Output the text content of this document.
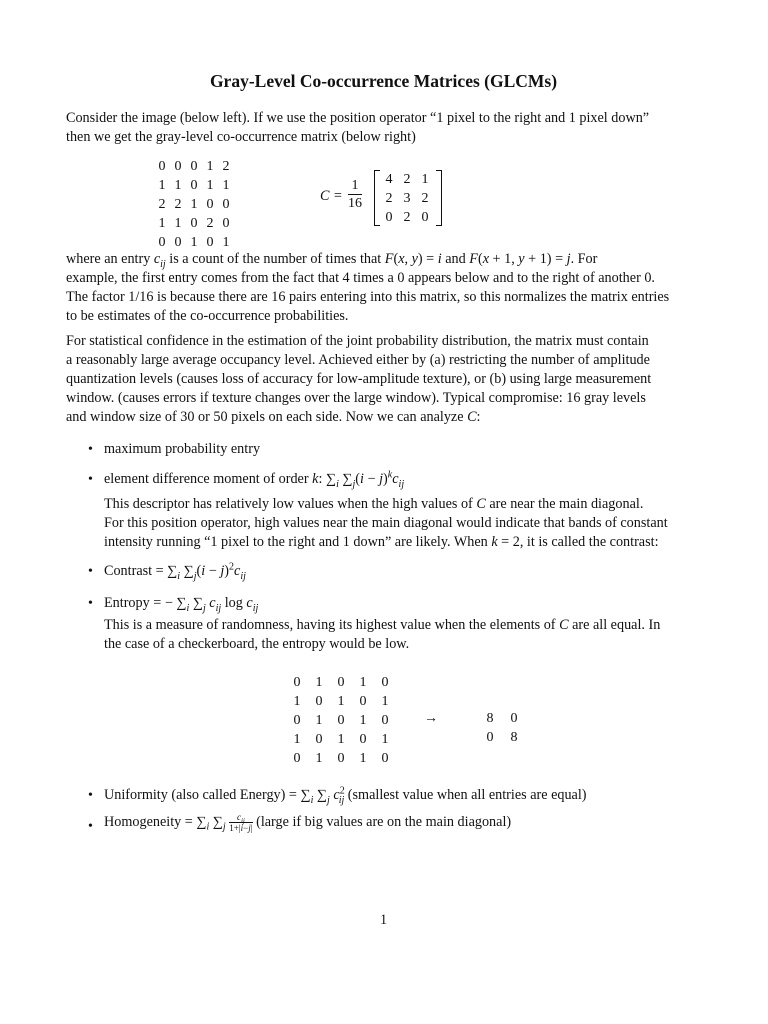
Gray-Level Co-occurrence Matrices (GLCMs)

Consider the image (below left). If we use the position operator “1 pixel to the right and 1 pixel down”

then we get the gray-level co-occurrence matrix (below right)

0 0 0 1 2
1 1 0 1 1
2 2 1 0 0
1 1 0 2 0
0 0 1 0 1
$C = \frac{1}{16}$	4 2 1
2 3 2
0 2 0

where an entry $c_{ij}$ is a count of the number of times that F(x, y) = i and F(x + 1, y + 1) = j. For

example, the first entry comes from the fact that 4 times a 0 appears below and to the right of another 0.

The factor 1/16 is because there are 16 pairs entering into this matrix, so this normalizes the matrix entries

to be estimates of the co-occurrence probabilities.

For statistical confidence in the estimation of the joint probability distribution, the matrix must contain

a reasonably large average occupancy level. Achieved either by (a) restricting the number of amplitude

quantization levels (causes loss of accuracy for low-amplitude texture), or (b) using large measurement

window. (causes errors if texture changes over the large window). Typical compromise: 16 gray levels

and window size of 30 or 50 pixels on each side. Now we can analyze C:

• maximum probability entry
• element difference moment of order k: $\sum_i$ $\sum_j(i - j)^kc_{ij}$
This descriptor has relatively low values when the high values of C are near the main diagonal.
For this position operator, high values near the main diagonal would indicate that bands of constant
intensity running “1 pixel to the right and 1 down” are likely. When k = 2, it is called the contrast:
• Contrast = $\sum_i$ $\sum_j(i - j)^2c_{ij}$
• Entropy = − $\sum_i$ $\sum_j$ $c_{ij}$ $\log c_{ij}$
This is a measure of randomness, having its highest value when the elements of C are all equal. In
the case of a checkerboard, the entropy would be low.
0	1	0	1	0
1	0	1	0	1
0	1	0	1	0
1	0	1	0	1
0	1	0	1	0
→	8	0
0	8
• Uniformity (also called Energy) = $\sum_i$ $\sum_j$ $c^2_{ij}$ (smallest value when all entries are equal)
• Homogeneity = $\sum_i$ $\sum_j$
$c_{ij}$
1+|i−j| (large if big values are on the main diagonal)
1
